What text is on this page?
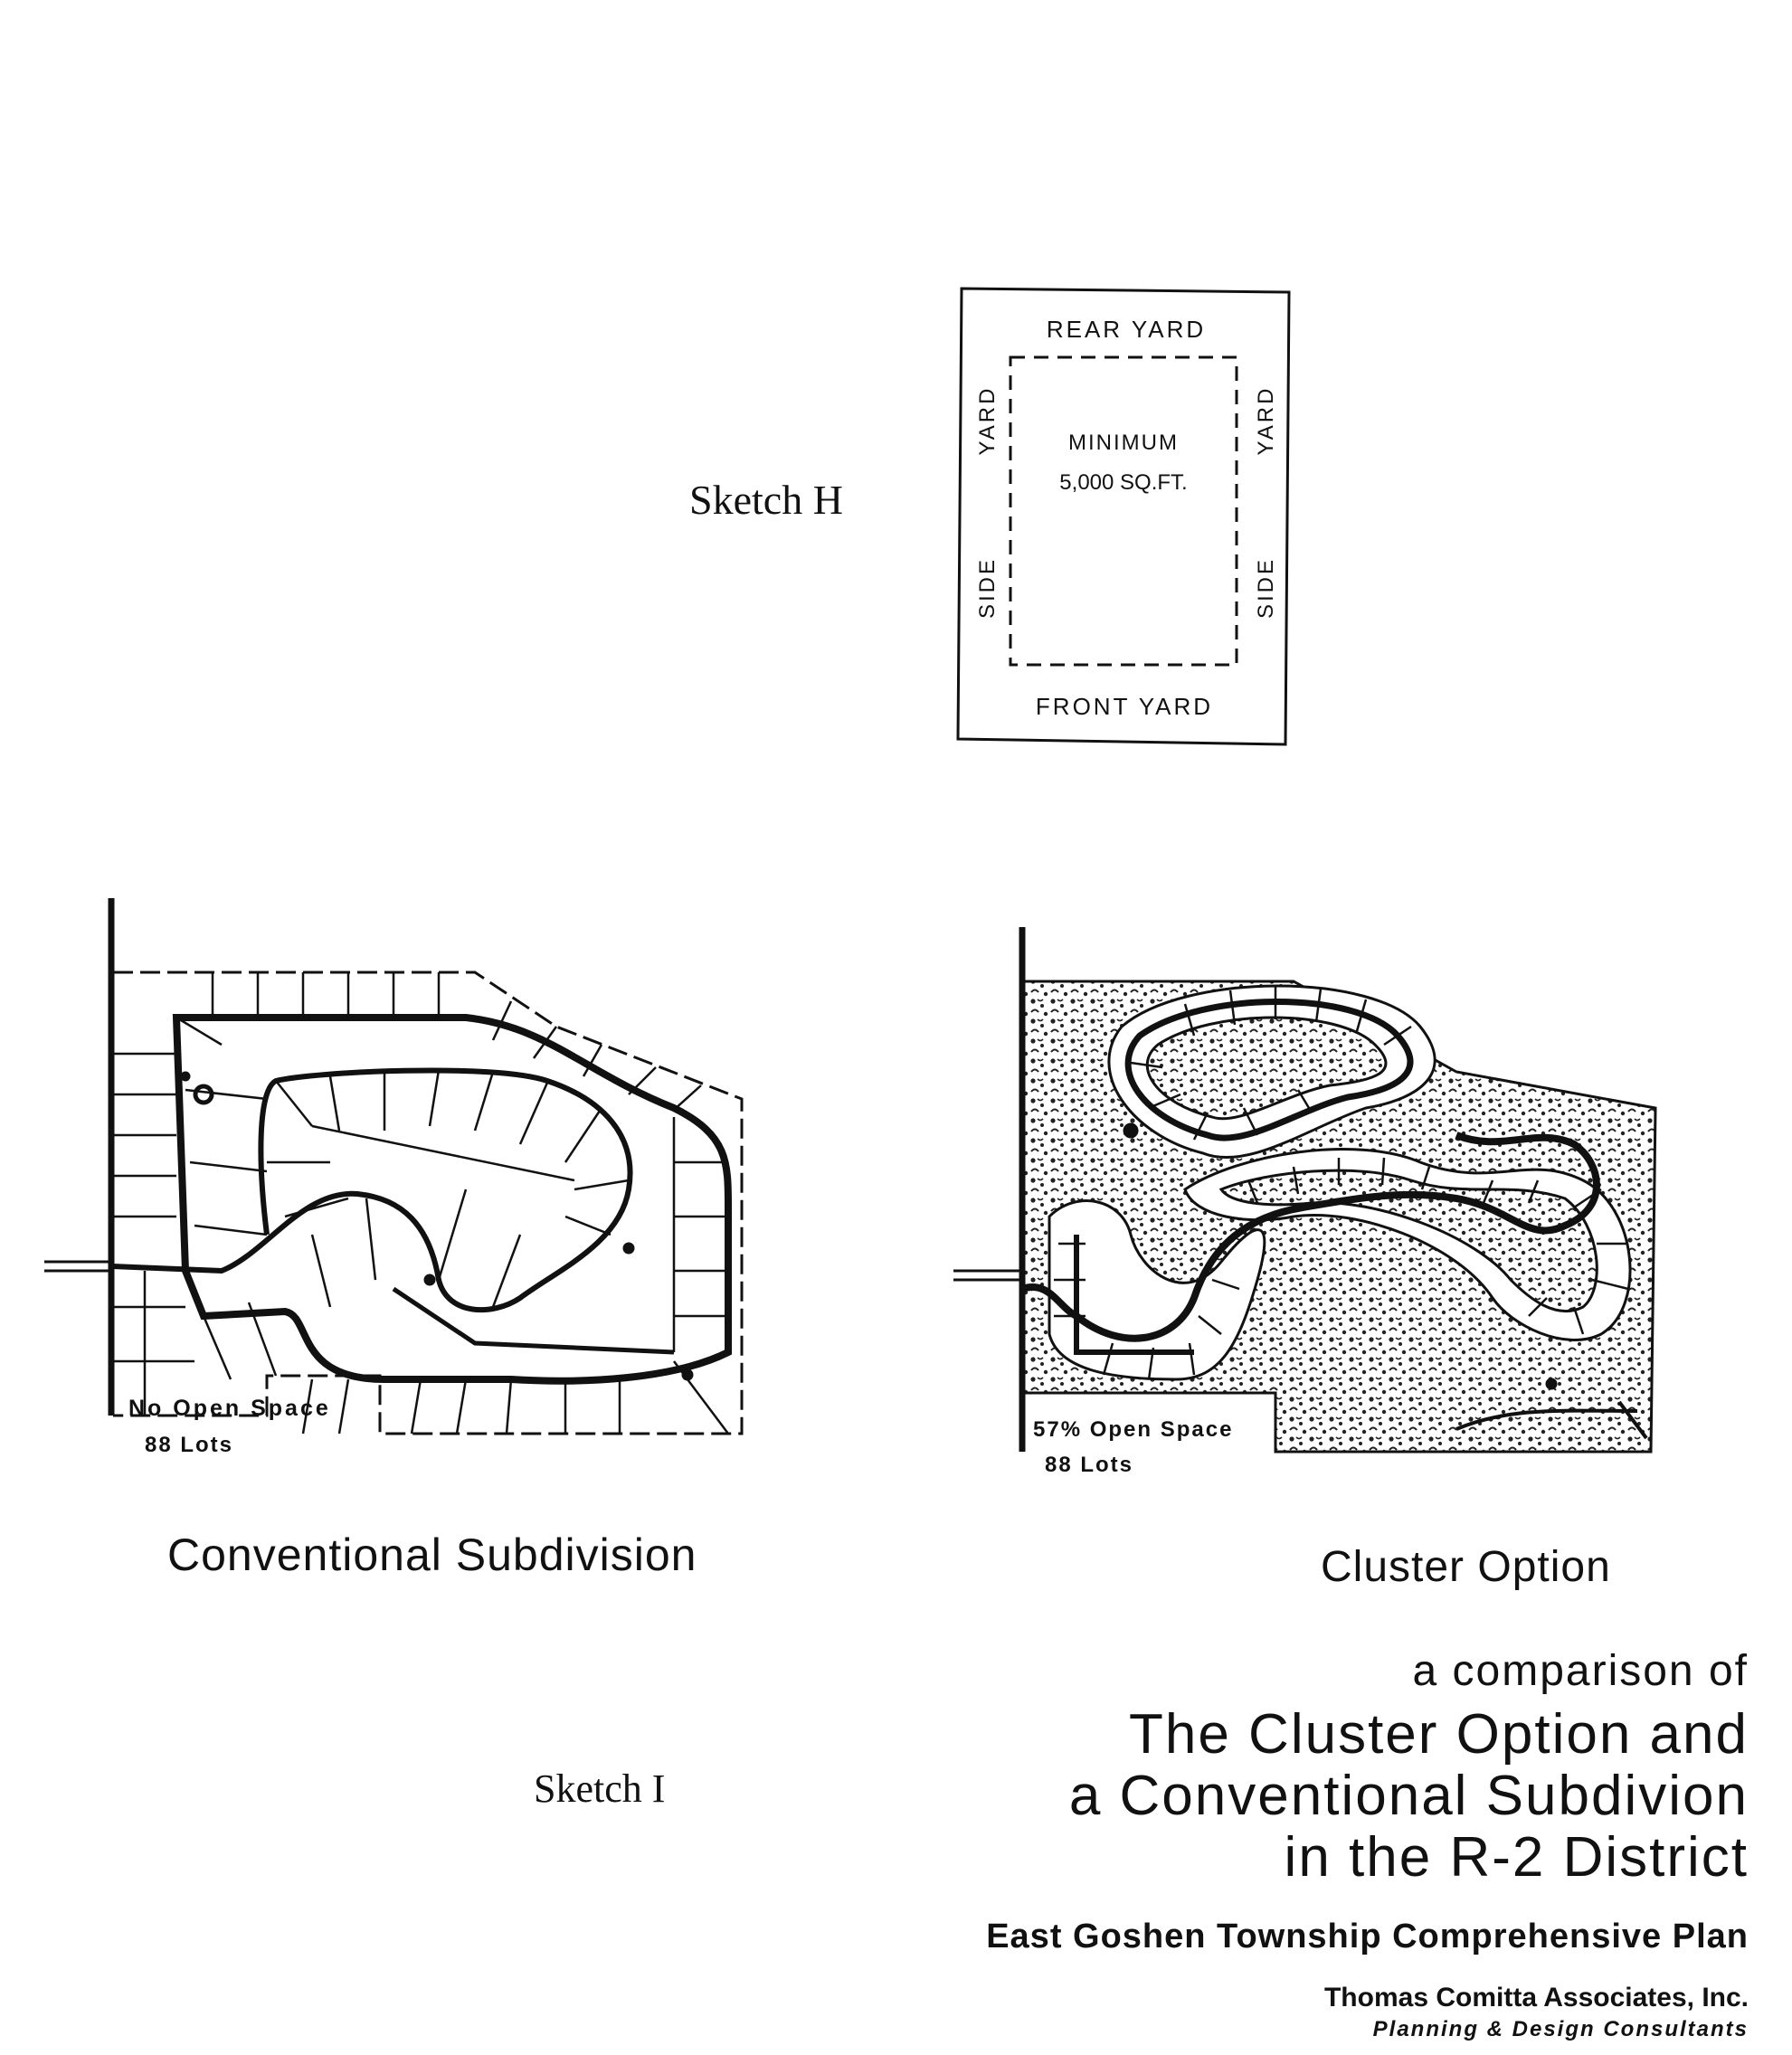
Sketch H
REAR YARD
FRONT YARD
MINIMUM
5,000 SQ.FT.
YARD
SIDE
YARD
SIDE
No Open Space
88 Lots
57% Open Space
88 Lots
Conventional Subdivision	Cluster Option
Sketch I
a comparison of
The Cluster Option and
a Conventional Subdivion
in the R-2 District
East Goshen Township Comprehensive Plan
Thomas Comitta Associates, Inc.
Planning & Design Consultants
